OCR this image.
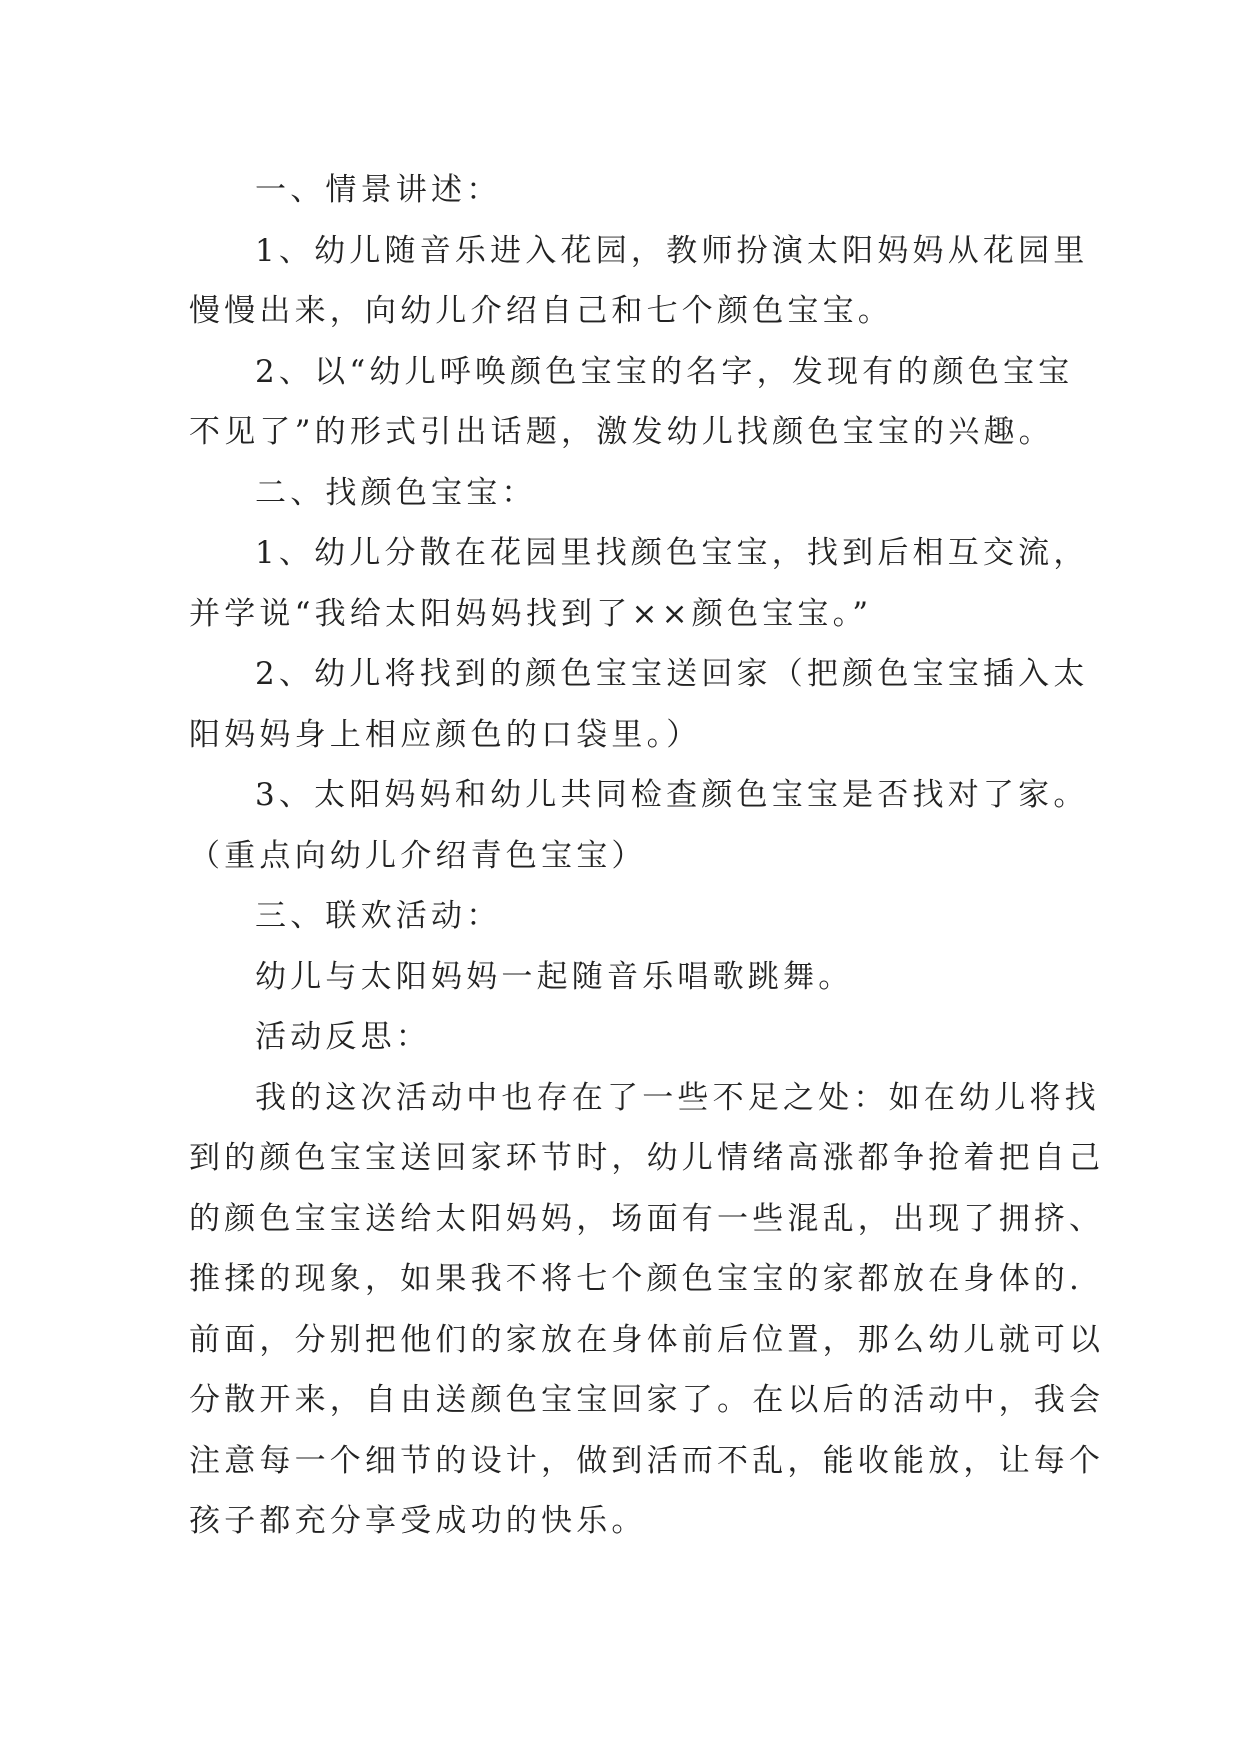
一、情景讲述：
1、幼儿随音乐进入花园，教师扮演太阳妈妈从花园里
慢慢出来，向幼儿介绍自己和七个颜色宝宝。
2、以“幼儿呼唤颜色宝宝的名字，发现有的颜色宝宝
不见了”的形式引出话题，激发幼儿找颜色宝宝的兴趣。
二、找颜色宝宝：
1、幼儿分散在花园里找颜色宝宝，找到后相互交流，
并学说“我给太阳妈妈找到了××颜色宝宝。”
2、幼儿将找到的颜色宝宝送回家（把颜色宝宝插入太
阳妈妈身上相应颜色的口袋里。）
3、太阳妈妈和幼儿共同检查颜色宝宝是否找对了家。
（重点向幼儿介绍青色宝宝）
三、联欢活动：
幼儿与太阳妈妈一起随音乐唱歌跳舞。
活动反思：
我的这次活动中也存在了一些不足之处：如在幼儿将找
到的颜色宝宝送回家环节时，幼儿情绪高涨都争抢着把自己
的颜色宝宝送给太阳妈妈，场面有一些混乱，出现了拥挤、
推揉的现象，如果我不将七个颜色宝宝的家都放在身体的.
前面，分别把他们的家放在身体前后位置，那么幼儿就可以
分散开来，自由送颜色宝宝回家了。在以后的活动中，我会
注意每一个细节的设计，做到活而不乱，能收能放，让每个
孩子都充分享受成功的快乐。
